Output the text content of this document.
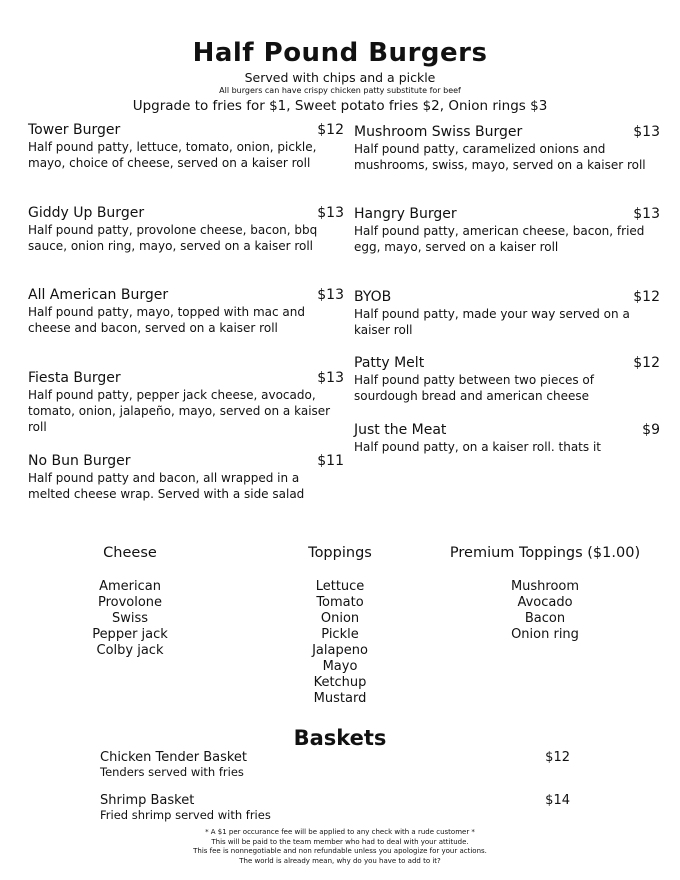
Half Pound Burgers
Served with chips and a pickle
All burgers can have crispy chicken patty substitute for beef
Upgrade to fries for $1, Sweet potato fries $2, Onion rings $3
Tower Burger	$12
Half pound patty, lettuce, tomato, onion, pickle, mayo, choice of cheese, served on a kaiser roll
Giddy Up Burger	$13
Half pound patty, provolone cheese, bacon, bbq sauce, onion ring, mayo, served on a kaiser roll
All American Burger	$13
Half pound patty, mayo, topped with mac and cheese and bacon, served on a kaiser roll
Fiesta Burger	$13
Half pound patty, pepper jack cheese, avocado, tomato, onion, jalapeño, mayo, served on a kaiser roll
No Bun Burger	$11
Half pound patty and bacon, all wrapped in a melted cheese wrap. Served with a side salad
Mushroom Swiss Burger	$13
Half pound patty, caramelized onions and mushrooms, swiss, mayo, served on a kaiser roll
Hangry Burger	$13
Half pound patty, american cheese, bacon, fried egg, mayo, served on a kaiser roll
BYOB	$12
Half pound patty, made your way served on a kaiser roll
Patty Melt	$12
Half pound patty between two pieces of sourdough bread and american cheese
Just the Meat	$9
Half pound patty, on a kaiser roll. thats it
Cheese
American
Provolone
Swiss
Pepper jack
Colby jack
Toppings
Lettuce
Tomato
Onion
Pickle
Jalapeno
Mayo
Ketchup
Mustard
Premium Toppings ($1.00)
Mushroom
Avocado
Bacon
Onion ring
Baskets
Chicken Tender Basket	$12
Tenders served with fries
Shrimp Basket	$14
Fried shrimp served with fries
* A $1 per occurance fee will be applied to any check with a rude customer *
This will be paid to the team member who had to deal with your attitude.
This fee is nonnegotiable and non refundable unless you apologize for your actions.
The world is already mean, why do you have to add to it?
